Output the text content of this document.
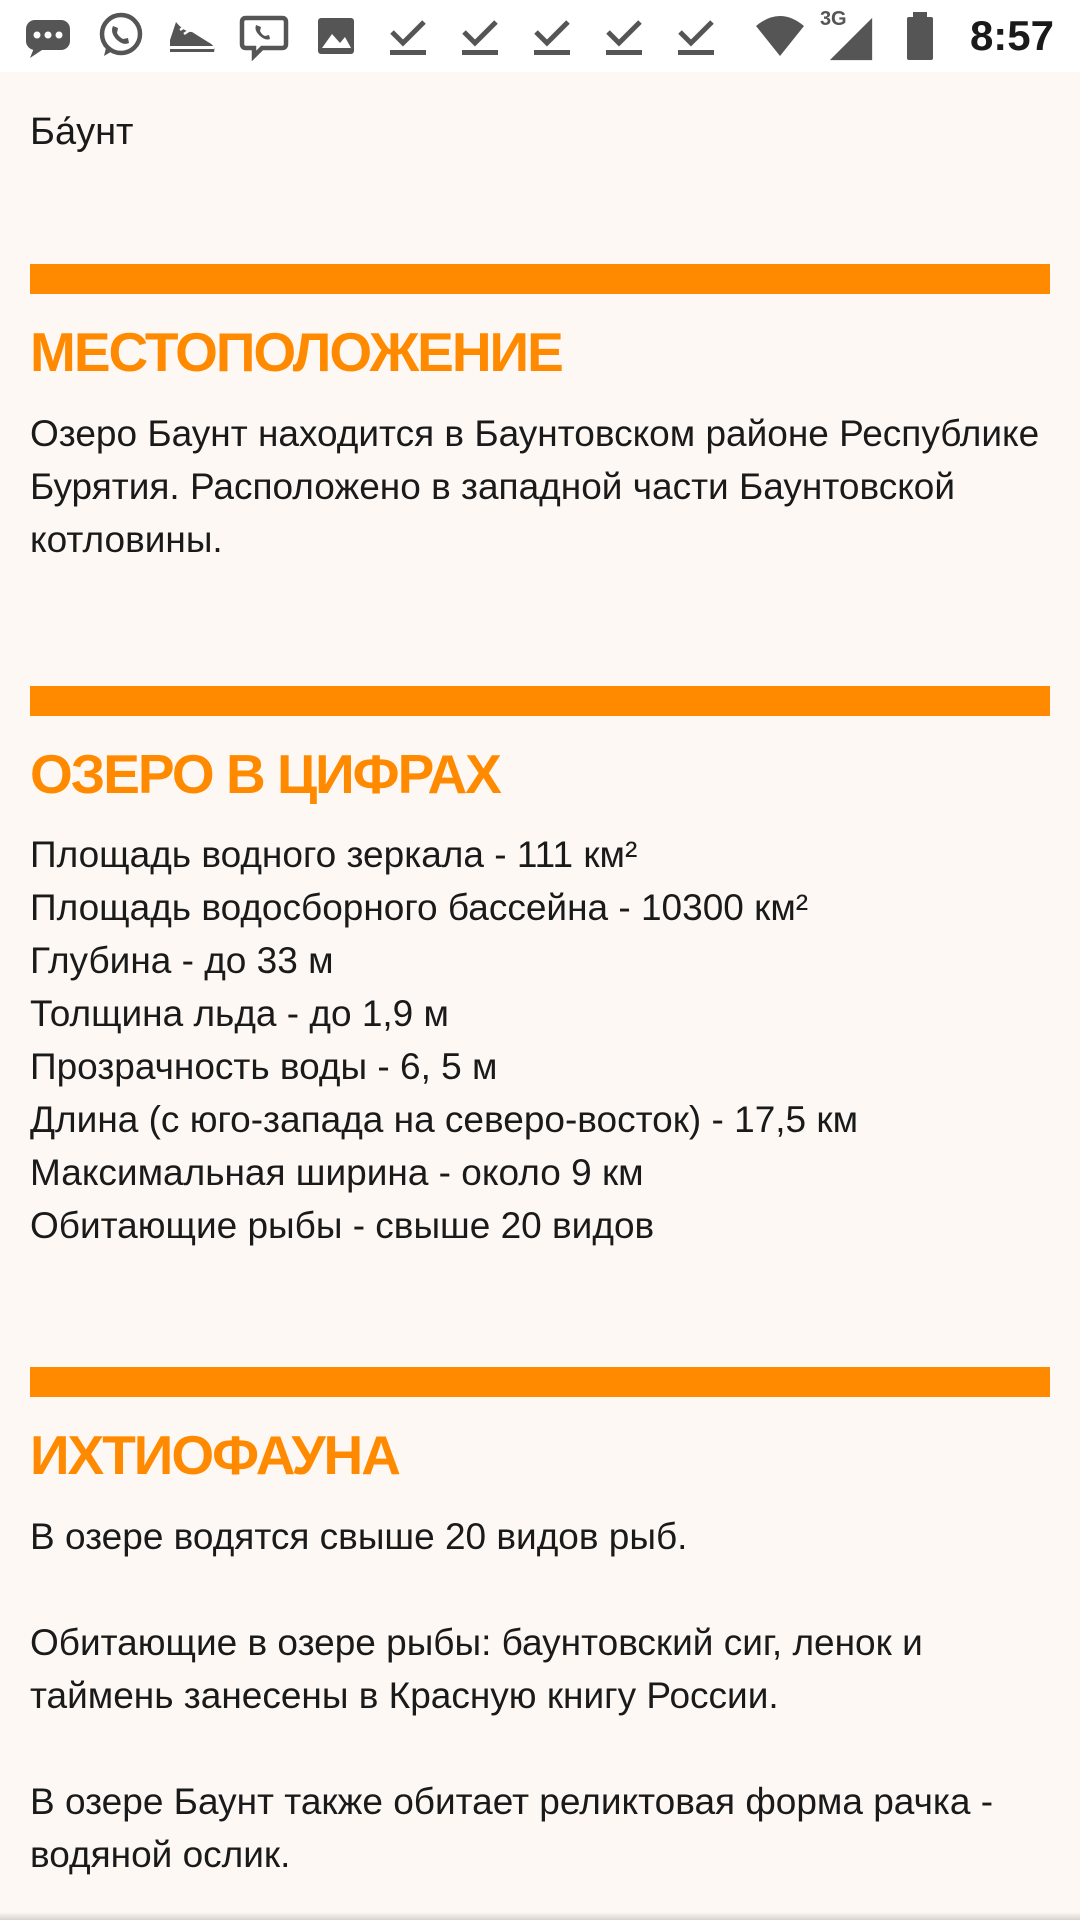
3G	8:57

Ба́унт

МЕСТОПОЛОЖЕНИЕ

Озеро Баунт находится в Баунтовском районе Республике Бурятия. Расположено в западной части Баунтовской котловины.

ОЗЕРО В ЦИФРАХ
Площадь водного зеркала - 111 км²
Площадь водосборного бассейна - 10300 км²
Глубина - до 33 м
Толщина льда - до 1,9 м
Прозрачность воды - 6, 5 м
Длина (с юго-запада на северо-восток) - 17,5 км
Максимальная ширина - около 9 км
Обитающие рыбы - свыше 20 видов
ИХТИОФАУНА

В озере водятся свыше 20 видов рыб.

Обитающие в озере рыбы: баунтовский сиг, ленок и таймень занесены в Красную книгу России.

В озере Баунт также обитает реликтовая форма рачка - водяной ослик.
